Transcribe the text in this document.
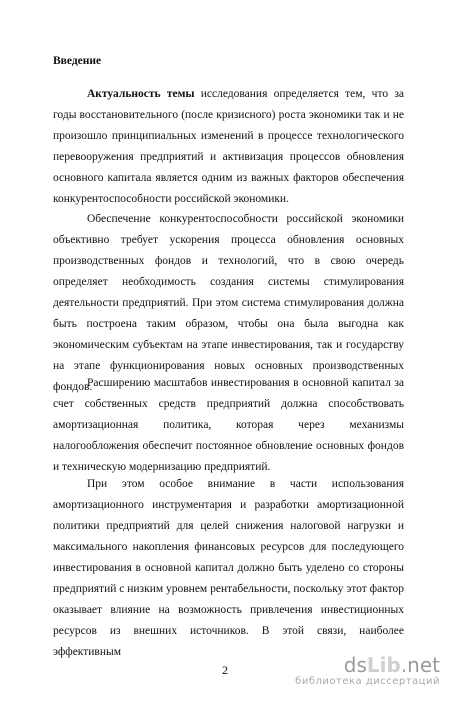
Введение
Актуальность темы исследования определяется тем, что за годы восстановительного (после кризисного) роста экономики так и не произошло принципиальных изменений в процессе технологического перевооружения предприятий и активизация процессов обновления основного капитала является одним из важных факторов обеспечения конкурентоспособности российской экономики.
Обеспечение конкурентоспособности российской экономики объективно требует ускорения процесса обновления основных производственных фондов и технологий, что в свою очередь определяет необходимость создания системы стимулирования деятельности предприятий. При этом система стимулирования должна быть построена таким образом, чтобы она была выгодна как экономическим субъектам на этапе инвестирования, так и государству на этапе функционирования новых основных производственных фондов.
Расширению масштабов инвестирования в основной капитал за счет собственных средств предприятий должна способствовать амортизационная политика, которая через механизмы налогообложения обеспечит постоянное обновление основных фондов и техническую модернизацию предприятий.
При этом особое внимание в части использования амортизационного инструментария и разработки амортизационной политики предприятий для целей снижения налоговой нагрузки и максимального накопления финансовых ресурсов для последующего инвестирования в основной капитал должно быть уделено со стороны предприятий с низким уровнем рентабельности, поскольку этот фактор оказывает влияние на возможность привлечения инвестиционных ресурсов из внешних источников. В этой связи, наиболее эффективным
2	dsLib.net
библиотека диссертаций
